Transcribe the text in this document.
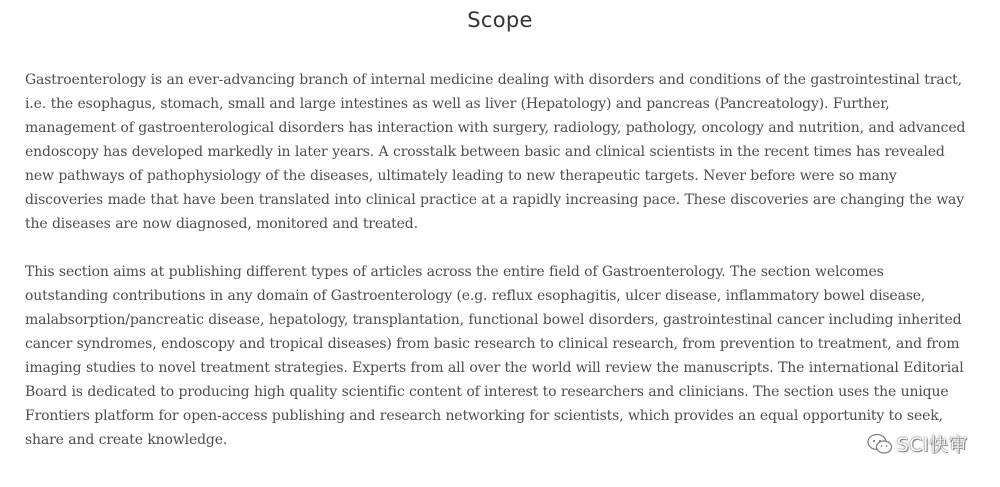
Scope

Gastroenterology is an ever-advancing branch of internal medicine dealing with disorders and conditions of the gastrointestinal tract, i.e. the esophagus, stomach, small and large intestines as well as liver (Hepatology) and pancreas (Pancreatology). Further, management of gastroenterological disorders has interaction with surgery, radiology, pathology, oncology and nutrition, and advanced endoscopy has developed markedly in later years. A crosstalk between basic and clinical scientists in the recent times has revealed new pathways of pathophysiology of the diseases, ultimately leading to new therapeutic targets. Never before were so many discoveries made that have been translated into clinical practice at a rapidly increasing pace. These discoveries are changing the way the diseases are now diagnosed, monitored and treated.

This section aims at publishing different types of articles across the entire field of Gastroenterology. The section welcomes outstanding contributions in any domain of Gastroenterology (e.g. reflux esophagitis, ulcer disease, inflammatory bowel disease, malabsorption/pancreatic disease, hepatology, transplantation, functional bowel disorders, gastrointestinal cancer including inherited cancer syndromes, endoscopy and tropical diseases) from basic research to clinical research, from prevention to treatment, and from imaging studies to novel treatment strategies. Experts from all over the world will review the manuscripts. The international Editorial Board is dedicated to producing high quality scientific content of interest to researchers and clinicians. The section uses the unique Frontiers platform for open-access publishing and research networking for scientists, which provides an equal opportunity to seek, share and create knowledge.	SCI快审
